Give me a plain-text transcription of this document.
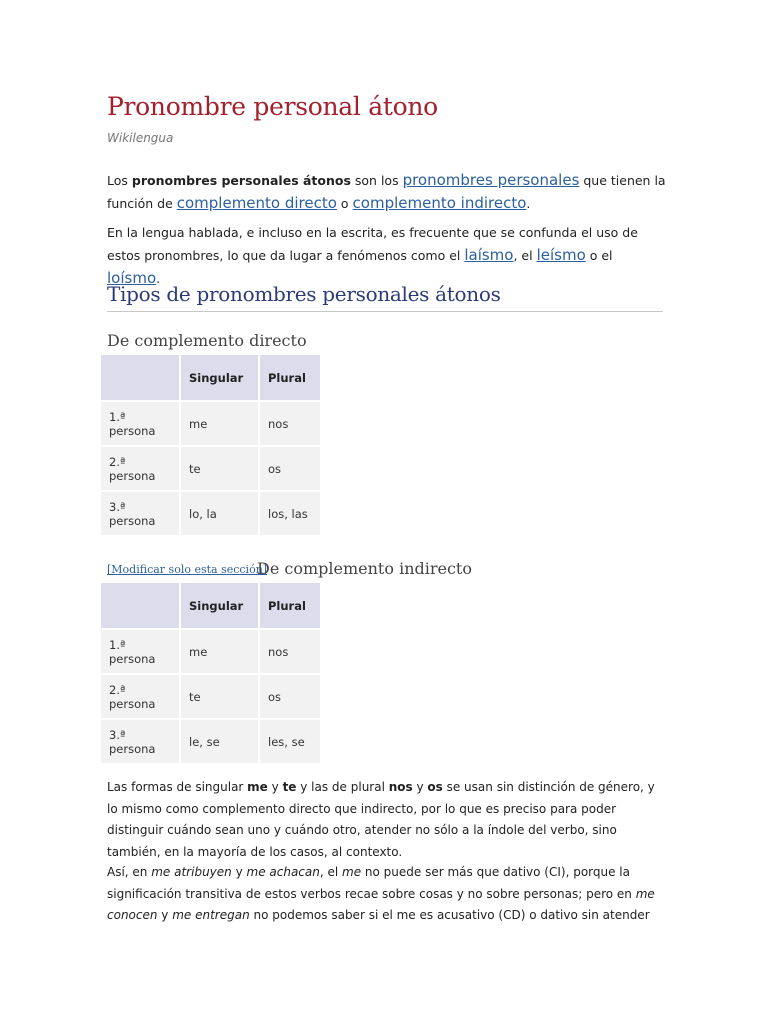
Pronombre personal átono
Wikilengua
Los pronombres personales átonos son los pronombres personales que tienen la función de complemento directo o complemento indirecto.
En la lengua hablada, e incluso en la escrita, es frecuente que se confunda el uso de estos pronombres, lo que da lugar a fenómenos como el laísmo, el leísmo o el loísmo.
Tipos de pronombres personales átonos
De complemento directo
	Singular	Plural
1.ª persona	me	nos
2.ª persona	te	os
3.ª persona	lo, la	los, las
[Modificar solo esta sección]
De complemento indirecto
	Singular	Plural
1.ª persona	me	nos
2.ª persona	te	os
3.ª persona	le, se	les, se
Las formas de singular me y te y las de plural nos y os se usan sin distinción de género, y lo mismo como complemento directo que indirecto, por lo que es preciso para poder distinguir cuándo sean uno y cuándo otro, atender no sólo a la índole del verbo, sino también, en la mayoría de los casos, al contexto.
Así, en me atribuyen y me achacan, el me no puede ser más que dativo (CI), porque la significación transitiva de estos verbos recae sobre cosas y no sobre personas; pero en me conocen y me entregan no podemos saber si el me es acusativo (CD) o dativo sin atender
